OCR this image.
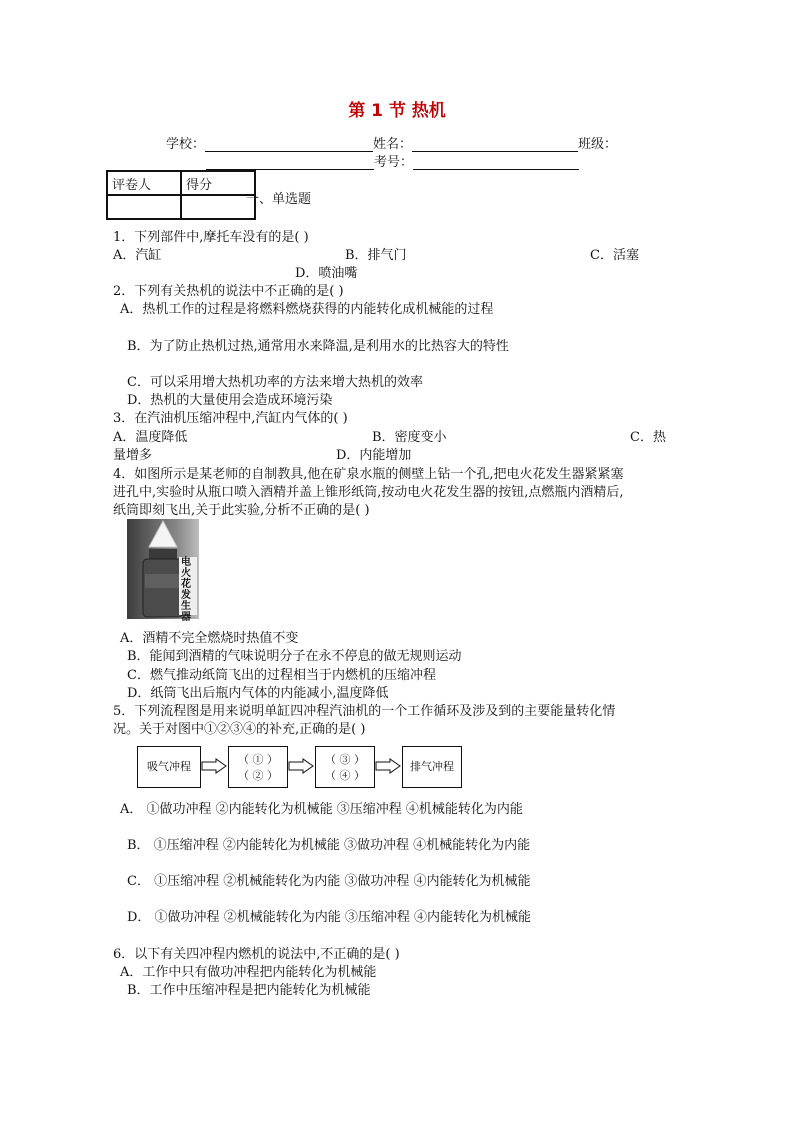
第 1 节 热机
学校：	姓名：	班级：
考号：
评卷人	得分

一、单选题
1．下列部件中,摩托车没有的是( )
A．汽缸	B．排气门	C．活塞
D．喷油嘴
2．下列有关热机的说法中不正确的是( )
A．热机工作的过程是将燃料燃烧获得的内能转化成机械能的过程
B．为了防止热机过热,通常用水来降温,是利用水的比热容大的特性
C．可以采用增大热机功率的方法来增大热机的效率
D．热机的大量使用会造成环境污染
3．在汽油机压缩冲程中,汽缸内气体的( )
A．温度降低	B．密度变小	C．热
量增多	D．内能增加
4．如图所示是某老师的自制教具,他在矿泉水瓶的侧壁上钻一个孔,把电火花发生器紧紧塞
进孔中,实验时从瓶口喷入酒精并盖上锥形纸筒,按动电火花发生器的按钮,点燃瓶内酒精后,
纸筒即刻飞出,关于此实验,分析不正确的是( )
电火花发生器
A．酒精不完全燃烧时热值不变
B．能闻到酒精的气味说明分子在永不停息的做无规则运动
C．燃气推动纸筒飞出的过程相当于内燃机的压缩冲程
D．纸筒飞出后瓶内气体的内能减小,温度降低
5．下列流程图是用来说明单缸四冲程汽油机的一个工作循环及涉及到的主要能量转化情
况。关于对图中①②③④的补充,正确的是( )
吸气冲程
（ ① ）
（ ② ）
（ ③ ）
（ ④ ）
排气冲程
A． ①做功冲程 ②内能转化为机械能 ③压缩冲程 ④机械能转化为内能
B． ①压缩冲程 ②内能转化为机械能 ③做功冲程 ④机械能转化为内能
C． ①压缩冲程 ②机械能转化为内能 ③做功冲程 ④内能转化为机械能
D． ①做功冲程 ②机械能转化为内能 ③压缩冲程 ④内能转化为机械能
6．以下有关四冲程内燃机的说法中,不正确的是( )
A．工作中只有做功冲程把内能转化为机械能
B．工作中压缩冲程是把内能转化为机械能
